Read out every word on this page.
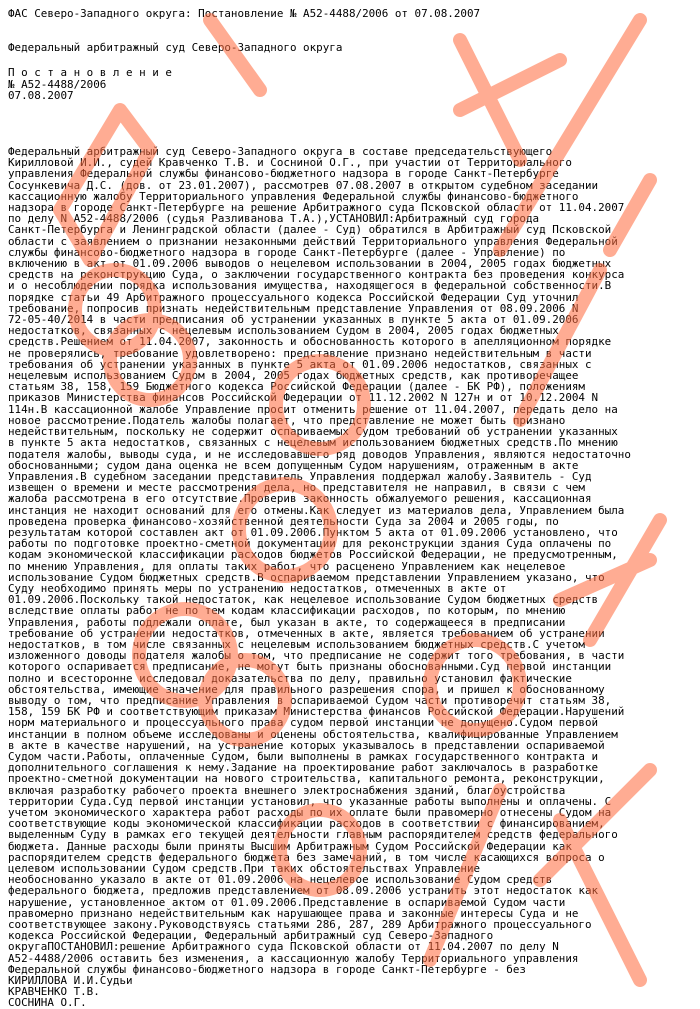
ФАС Северо-Западного округа: Постановление № А52-4488/2006 от 07.08.2007
Федеральный арбитражный суд Северо-Западного округа
П о с т а н о в л е н и е
№ А52-4488/2006
07.08.2007
Федеральный арбитражный суд Северо-Западного округа в составе председательствующего
Кирилловой И.И., судей Кравченко Т.В. и Сосниной О.Г., при участии от Территориального
управления Федеральной службы финансово-бюджетного надзора в городе Санкт-Петербурге
Сосункевича Д.С. (дов. от 23.01.2007), рассмотрев 07.08.2007 в открытом судебном заседании
кассационную жалобу Территориального управления Федеральной службы финансово-бюджетного
надзора в городе Санкт-Петербурге на решение Арбитражного суда Псковской области от 11.04.2007
по делу N А52-4488/2006 (судья Разливанова Т.А.),УСТАНОВИЛ:Арбитражный суд города
Санкт-Петербурга и Ленинградской области (далее - Суд) обратился в Арбитражный суд Псковской
области с заявлением о признании незаконными действий Территориального управления Федеральной
службы финансово-бюджетного надзора в городе Санкт-Петербурге (далее - Управление) по
включению в акт от 01.09.2006 выводов о нецелевом использовании в 2004, 2005 годах бюджетных
средств на реконструкцию Суда, о заключении государственного контракта без проведения конкурса
и о несоблюдении порядка использования имущества, находящегося в федеральной собственности.В
порядке статьи 49 Арбитражного процессуального кодекса Российской Федерации Суд уточнил
требование, попросив признать недействительным представление Управления от 08.09.2006 N
72-05-40/2014 в части предписания об устранении указанных в пункте 5 акта от 01.09.2006
недостатков, связанных с нецелевым использованием Судом в 2004, 2005 годах бюджетных
средств.Решением от 11.04.2007, законность и обоснованность которого в апелляционном порядке
не проверялись, требование удовлетворено: представление признано недействительным в части
требования об устранении указанных в пункте 5 акта от 01.09.2006 недостатков, связанных с
нецелевым использованием Судом в 2004, 2005 годах бюджетных средств, как противоречащее
статьям 38, 158, 159 Бюджетного кодекса Российской Федерации (далее - БК РФ), положениям
приказов Министерства финансов Российской Федерации от 11.12.2002 N 127н и от 10.12.2004 N
114н.В кассационной жалобе Управление просит отменить решение от 11.04.2007, передать дело на
новое рассмотрение.Податель жалобы полагает, что представление не может быть признано
недействительным, поскольку не содержит оспариваемых Судом требований об устранении указанных
в пункте 5 акта недостатков, связанных с нецелевым использованием бюджетных средств.По мнению
подателя жалобы, выводы суда, и не исследовавшего ряд доводов Управления, являются недостаточно
обоснованными; судом дана оценка не всем допущенным Судом нарушениям, отраженным в акте
Управления.В судебном заседании представитель Управления поддержал жалобу.Заявитель - Суд
извещен о времени и месте рассмотрения дела, но представителя не направил, в связи с чем
жалоба рассмотрена в его отсутствие.Проверив законность обжалуемого решения, кассационная
инстанция не находит оснований для его отмены.Как следует из материалов дела, Управлением была
проведена проверка финансово-хозяйственной деятельности Суда за 2004 и 2005 годы, по
результатам которой составлен акт от 01.09.2006.Пунктом 5 акта от 01.09.2006 установлено, что
работы по подготовке проектно-сметной документации для реконструкции здания Суда оплачены по
кодам экономической классификации расходов бюджетов Российской Федерации, не предусмотренным,
по мнению Управления, для оплаты таких работ, что расценено Управлением как нецелевое
использование Судом бюджетных средств.В оспариваемом представлении Управлением указано, что
Суду необходимо принять меры по устранению недостатков, отмеченных в акте от
01.09.2006.Поскольку такой недостаток, как нецелевое использование Судом бюджетных средств
вследствие оплаты работ не по тем кодам классификации расходов, по которым, по мнению
Управления, работы подлежали оплате, был указан в акте, то содержащееся в предписании
требование об устранении недостатков, отмеченных в акте, является требованием об устранении
недостатков, в том числе связанных с нецелевым использованием бюджетных средств.С учетом
изложенного доводы подателя жалобы о том, что предписание не содержит того требования, в части
которого оспаривается предписание, не могут быть признаны обоснованными.Суд первой инстанции
полно и всесторонне исследовал доказательства по делу, правильно установил фактические
обстоятельства, имеющие значение для правильного разрешения спора, и пришел к обоснованному
выводу о том, что предписание Управления в оспариваемой Судом части противоречит статьям 38,
158, 159 БК РФ и соответствующим приказам Министерства финансов Российской Федерации.Нарушений
норм материального и процессуального права судом первой инстанции не допущено.Судом первой
инстанции в полном объеме исследованы и оценены обстоятельства, квалифицированные Управлением
в акте в качестве нарушений, на устранение которых указывалось в представлении оспариваемой
Судом части.Работы, оплаченные Судом, были выполнены в рамках государственного контракта и
дополнительного соглашения к нему.Задание на проектирование работ заключалось в разработке
проектно-сметной документации на нового строительства, капитального ремонта, реконструкции,
включая разработку рабочего проекта внешнего электроснабжения зданий, благоустройства
территории Суда.Суд первой инстанции установил, что указанные работы выполнены и оплачены. С
учетом экономического характера работ расходы по их оплате были правомерно отнесены Судом на
соответствующие коды экономической классификации расходов в соответствии с финансированием,
выделенным Суду в рамках его текущей деятельности главным распорядителем средств федерального
бюджета. Данные расходы были приняты Высшим Арбитражным Судом Российской Федерации как
распорядителем средств федерального бюджета без замечаний, в том числе касающихся вопроса о
целевом использовании Судом средств.При таких обстоятельствах Управление
необоснованно указало в акте от 01.09.2006 на нецелевое использование Судом средств
федерального бюджета, предложив представлением от 08.09.2006 устранить этот недостаток как
нарушение, установленное актом от 01.09.2006.Представление в оспариваемой Судом части
правомерно признано недействительным как нарушающее права и законные интересы Суда и не
соответствующее закону.Руководствуясь статьями 286, 287, 289 Арбитражного процессуального
кодекса Российской Федерации, Федеральный арбитражный суд Северо-Западного
округаПОСТАНОВИЛ:решение Арбитражного суда Псковской области от 11.04.2007 по делу N
А52-4488/2006 оставить без изменения, а кассационную жалобу Территориального управления
Федеральной службы финансово-бюджетного надзора в городе Санкт-Петербурге - без
КИРИЛЛОВА И.И.Судьи
КРАВЧЕНКО Т.В.
СОСНИНА О.Г.
